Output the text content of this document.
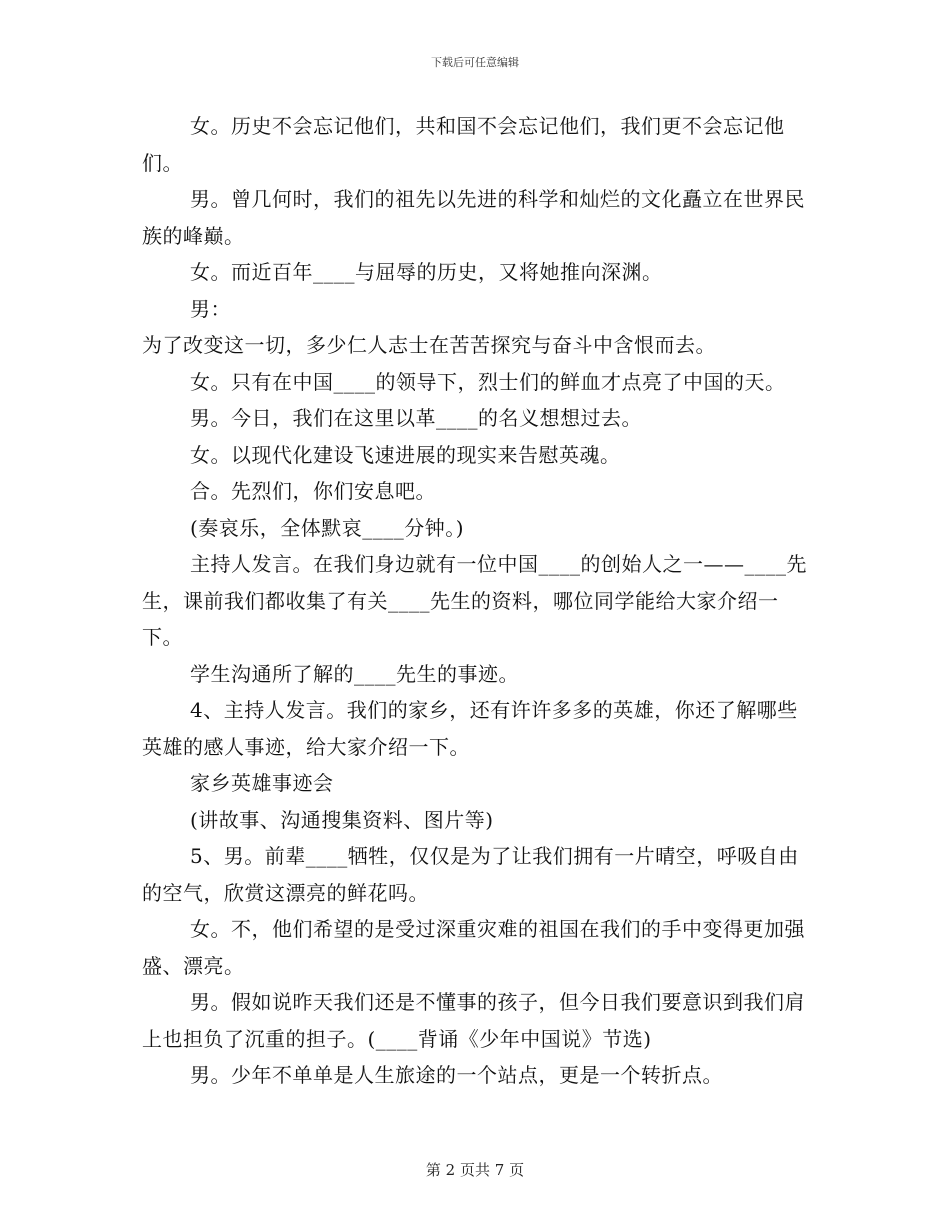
下载后可任意编辑

女。历史不会忘记他们，共和国不会忘记他们，我们更不会忘记他们。

男。曾几何时，我们的祖先以先进的科学和灿烂的文化矗立在世界民族的峰巅。

女。而近百年____与屈辱的历史，又将她推向深渊。

男：

为了改变这一切，多少仁人志士在苦苦探究与奋斗中含恨而去。

女。只有在中国____的领导下，烈士们的鲜血才点亮了中国的天。

男。今日，我们在这里以革____的名义想想过去。

女。以现代化建设飞速进展的现实来告慰英魂。

合。先烈们，你们安息吧。

(奏哀乐，全体默哀____分钟。)

主持人发言。在我们身边就有一位中国____的创始人之一——____先生，课前我们都收集了有关____先生的资料，哪位同学能给大家介绍一下。

学生沟通所了解的____先生的事迹。

4、主持人发言。我们的家乡，还有许许多多的英雄，你还了解哪些英雄的感人事迹，给大家介绍一下。

家乡英雄事迹会

(讲故事、沟通搜集资料、图片等)

5、男。前辈____牺牲，仅仅是为了让我们拥有一片晴空，呼吸自由的空气，欣赏这漂亮的鲜花吗。

女。不，他们希望的是受过深重灾难的祖国在我们的手中变得更加强盛、漂亮。

男。假如说昨天我们还是不懂事的孩子，但今日我们要意识到我们肩上也担负了沉重的担子。(____背诵《少年中国说》节选)

男。少年不单单是人生旅途的一个站点，更是一个转折点。

第 2 页共 7 页
